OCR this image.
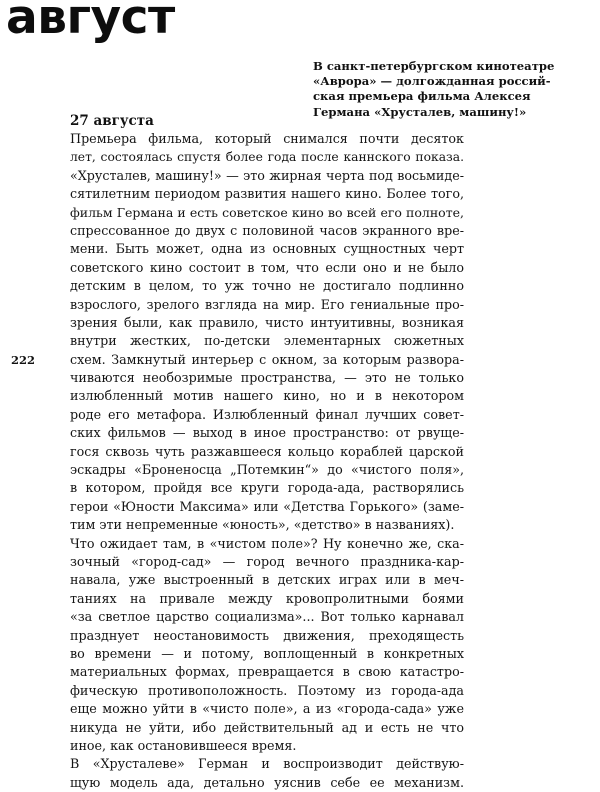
август
В санкт-петербургском кинотеатре
«Аврора» — долгожданная россий-
ская премьера фильма Алексея
Германа «Хрусталев, машину!»
27 августа
222
Премьера фильма, который снимался почти десяток
лет, состоялась спустя более года после каннского показа.
«Хрусталев, машину!» — это жирная черта под восьмиде-
сятилетним периодом развития нашего кино. Более того,
фильм Германа и есть советское кино во всей его полноте,
спрессованное до двух с половиной часов экранного вре-
мени. Быть может, одна из основных сущностных черт
советского кино состоит в том, что если оно и не было
детским в целом, то уж точно не достигало подлинно
взрослого, зрелого взгляда на мир. Его гениальные про-
зрения были, как правило, чисто интуитивны, возникая
внутри жестких, по-детски элементарных сюжетных
схем. Замкнутый интерьер с окном, за которым развора-
чиваются необозримые пространства, — это не только
излюбленный мотив нашего кино, но и в некотором
роде его метафора. Излюбленный финал лучших совет-
ских фильмов — выход в иное пространство: от рвуще-
гося сквозь чуть разжавшееся кольцо кораблей царской
эскадры «Броненосца „Потемкин“» до «чистого поля»,
в котором, пройдя все круги города-ада, растворялись
герои «Юности Максима» или «Детства Горького» (заме-
тим эти непременные «юность», «детство» в названиях).
Что ожидает там, в «чистом поле»? Ну конечно же, ска-
зочный «город-сад» — город вечного праздника-кар-
навала, уже выстроенный в детских играх или в меч-
таниях на привале между кровопролитными боями
«за светлое царство социализма»... Вот только карнавал
празднует неостановимость движения, преходящесть
во времени — и потому, воплощенный в конкретных
материальных формах, превращается в свою катастро-
фическую противоположность. Поэтому из города-ада
еще можно уйти в «чисто поле», а из «города-сада» уже
никуда не уйти, ибо действительный ад и есть не что
иное, как остановившееся время.
В «Хрусталеве» Герман и воспроизводит действую-
щую модель ада, детально уяснив себе ее механизм.
